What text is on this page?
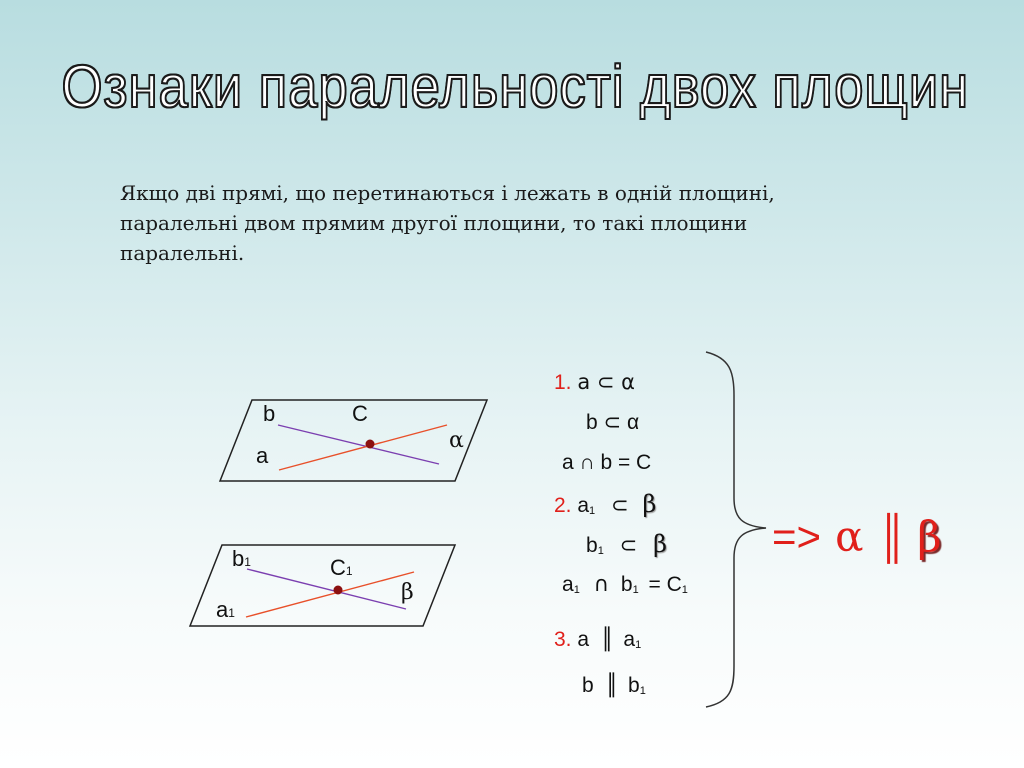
Ознаки паралельності двох площин
Якщо дві прямі, що перетинаються і лежать в одній площині,
паралельні двом прямим другої площини, то такі площини
паралельні.
b	C
a
α
b1	C1
a1
β
1. a ⊂ α
b ⊂ α
a ∩ b = C
2. $a_1$ ⊂ β
$b_1$ ⊂ β
$a_1$ ∩ $b_1 = C_1$
3. a ║ $a_1$
b ║ $b_1$
=> α ║ β
